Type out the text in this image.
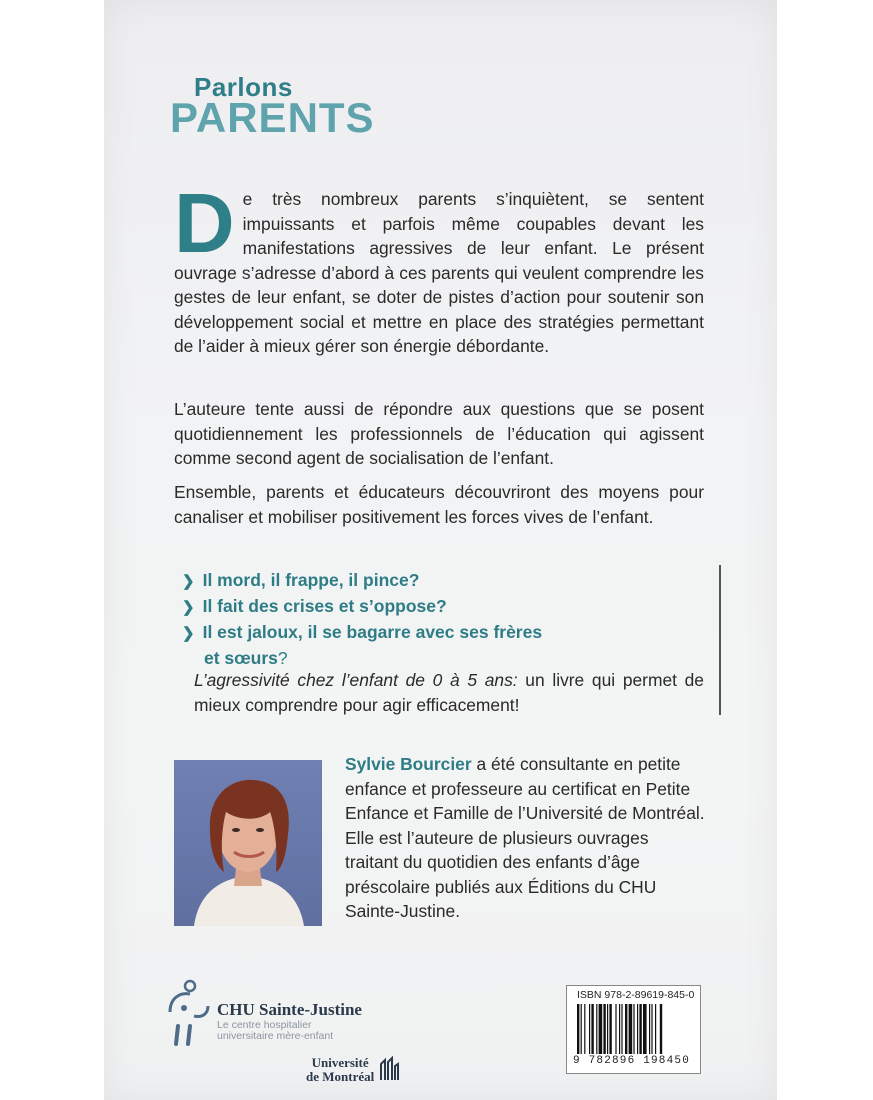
Parlons
PARENTS
De très nombreux parents s’inquiètent, se sentent impuissants et parfois même coupables devant les manifestations agressives de leur enfant. Le présent ouvrage s’adresse d’abord à ces parents qui veulent comprendre les gestes de leur enfant, se doter de pistes d’action pour soutenir son développement social et mettre en place des stratégies permettant de l’aider à mieux gérer son énergie débordante.
L’auteure tente aussi de répondre aux questions que se posent quotidiennement les professionnels de l’éducation qui agissent comme second agent de socialisation de l’enfant.
Ensemble, parents et éducateurs découvriront des moyens pour canaliser et mobiliser positivement les forces vives de l’enfant.
❯ Il mord, il frappe, il pince?
❯ Il fait des crises et s’oppose?
❯ Il est jaloux, il se bagarre avec ses frères
et sœurs?
L’agressivité chez l’enfant de 0 à 5 ans: un livre qui permet de mieux comprendre pour agir efficacement!
Sylvie Bourcier a été consultante en petite enfance et professeure au certificat en Petite Enfance et Famille de l’Université de Montréal. Elle est l’auteure de plusieurs ouvrages traitant du quotidien des enfants d’âge préscolaire publiés aux Éditions du CHU Sainte-Justine.
CHU Sainte-Justine
Le centre hospitalier universitaire mère-enfant
Université
de Montréal
ISBN 978-2-89619-845-0
9 782896 198450
